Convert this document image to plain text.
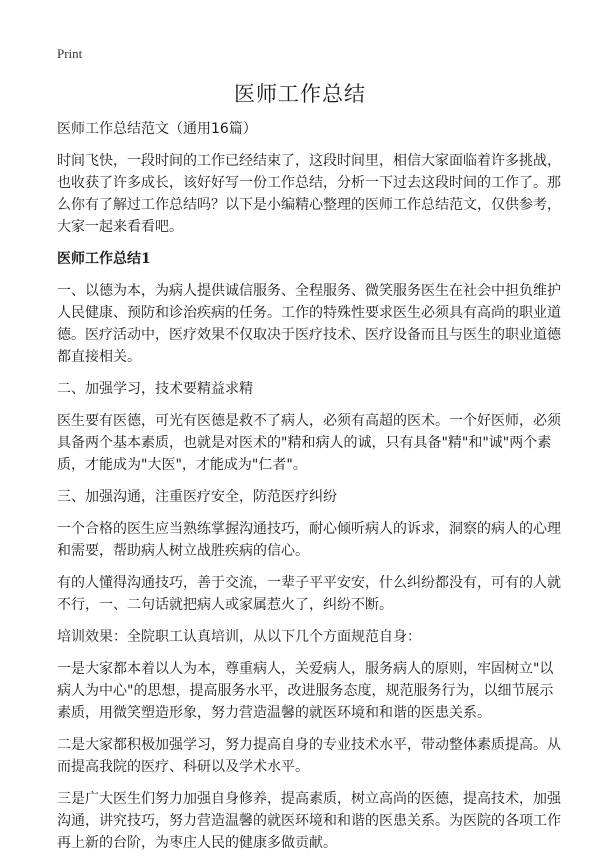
Print
医师工作总结

医师工作总结范文（通用16篇）

时间飞快，一段时间的工作已经结束了，这段时间里，相信大家面临着许多挑战，也收获了许多成长，该好好写一份工作总结，分析一下过去这段时间的工作了。那么你有了解过工作总结吗？以下是小编精心整理的医师工作总结范文，仅供参考，大家一起来看看吧。

医师工作总结1

一、以德为本，为病人提供诚信服务、全程服务、微笑服务医生在社会中担负维护人民健康、预防和诊治疾病的任务。工作的特殊性要求医生必须具有高尚的职业道德。医疗活动中，医疗效果不仅取决于医疗技术、医疗设备而且与医生的职业道德都直接相关。

二、加强学习，技术要精益求精

医生要有医德，可光有医德是救不了病人，必须有高超的医术。一个好医师，必须具备两个基本素质，也就是对医术的"精和病人的诚，只有具备"精"和"诚"两个素质，才能成为"大医"，才能成为"仁者"。

三、加强沟通，注重医疗安全，防范医疗纠纷

一个合格的医生应当熟练掌握沟通技巧，耐心倾听病人的诉求，洞察的病人的心理和需要，帮助病人树立战胜疾病的信心。

有的人懂得沟通技巧，善于交流，一辈子平平安安，什么纠纷都没有，可有的人就不行，一、二句话就把病人或家属惹火了，纠纷不断。

培训效果：全院职工认真培训，从以下几个方面规范自身：

一是大家都本着以人为本，尊重病人，关爱病人，服务病人的原则，牢固树立"以病人为中心"的思想，提高服务水平，改进服务态度，规范服务行为，以细节展示素质，用微笑塑造形象，努力营造温馨的就医环境和和谐的医患关系。

二是大家都积极加强学习，努力提高自身的专业技术水平，带动整体素质提高。从而提高我院的医疗、科研以及学术水平。

三是广大医生们努力加强自身修养，提高素质，树立高尚的医德，提高技术，加强沟通，讲究技巧，努力营造温馨的就医环境和和谐的医患关系。为医院的各项工作再上新的台阶，为枣庄人民的健康多做贡献。
